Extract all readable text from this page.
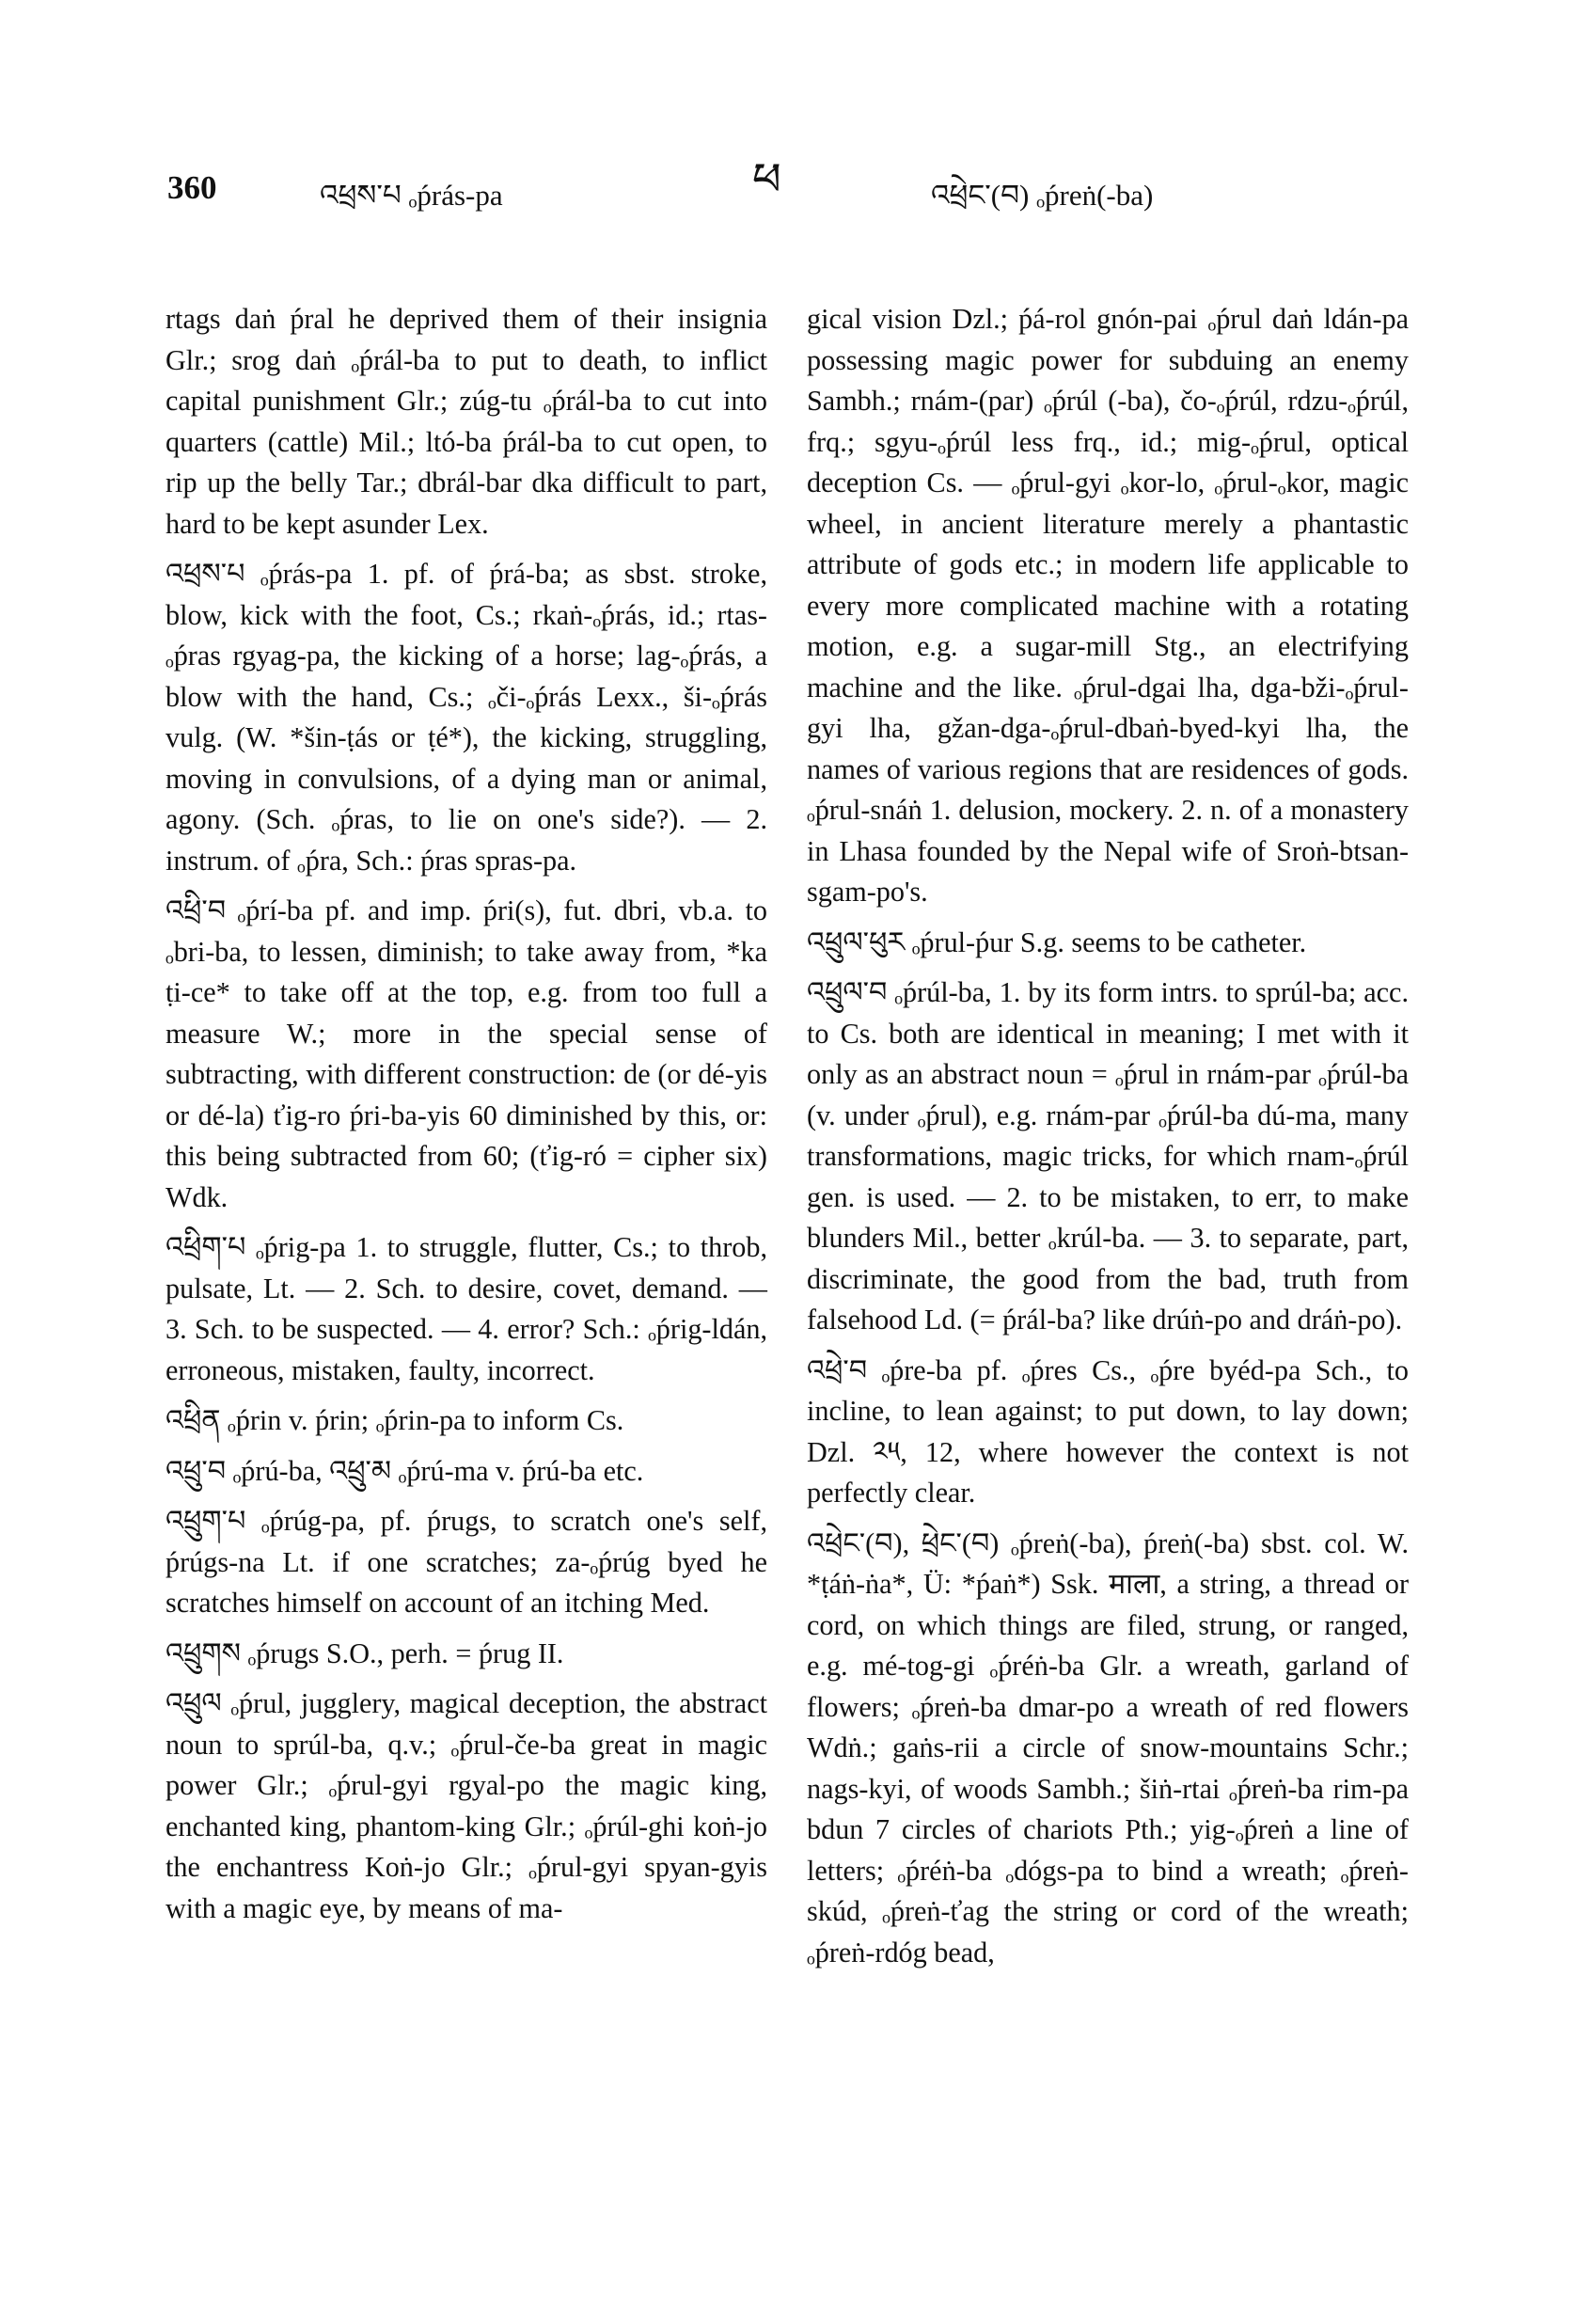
360	འཕྲས་པ ₒṕrás-pa	ཕ	འཕྲེང་(བ) ₒṕreṅ(-ba)

rtags daṅ ṕral he deprived them of their insignia Glr.; srog daṅ ₒṕrál-ba to put to death, to inflict capital punishment Glr.; zúg-tu ₒṕrál-ba to cut into quarters (cattle) Mil.; ltó-ba ṕrál-ba to cut open, to rip up the belly Tar.; dbrál-bar dka difficult to part, hard to be kept asunder Lex.

འཕྲས་པ ₒṕrás-pa 1. pf. of ṕrá-ba; as sbst. stroke, blow, kick with the foot, Cs.; rkaṅ-ₒṕrás, id.; rtas-ₒṕras rgyag-pa, the kicking of a horse; lag-ₒṕrás, a blow with the hand, Cs.; ₒči-ₒṕrás Lexx., ši-ₒṕrás vulg. (W. *šin-ṭás or ṭé*), the kicking, struggling, moving in convulsions, of a dying man or animal, agony. (Sch. ₒṕras, to lie on one's side?). — 2. instrum. of ₒṕra, Sch.: ṕras spras-pa.

འཕྲི་བ ₒṕrí-ba pf. and imp. ṕri(s), fut. dbri, vb.a. to ₒbri-ba, to lessen, diminish; to take away from, *ka ṭi-ce* to take off at the top, e.g. from too full a measure W.; more in the special sense of subtracting, with different construction: de (or dé-yis or dé-la) ťig-ro ṕri-ba-yis 60 diminished by this, or: this being subtracted from 60; (ťig-ró = cipher six) Wdk.

འཕྲིག་པ ₒṕrig-pa 1. to struggle, flutter, Cs.; to throb, pulsate, Lt. — 2. Sch. to desire, covet, demand. — 3. Sch. to be suspected. — 4. error? Sch.: ₒṕrig-ldán, erroneous, mistaken, faulty, incorrect.

འཕྲིན ₒṕrin v. ṕrin; ₒṕrin-pa to inform Cs.

འཕྲུ་བ ₒṕrú-ba, འཕྲུ་མ ₒṕrú-ma v. ṕrú-ba etc.

འཕྲུག་པ ₒṕrúg-pa, pf. ṕrugs, to scratch one's self, ṕrúgs-na Lt. if one scratches; za-ₒṕrúg byed he scratches himself on account of an itching Med.

འཕྲུགས ₒṕrugs S.O., perh. = ṕrug II.

འཕྲུལ ₒṕrul, jugglery, magical deception, the abstract noun to sprúl-ba, q.v.; ₒṕrul-če-ba great in magic power Glr.; ₒṕrul-gyi rgyal-po the magic king, enchanted king, phantom-king Glr.; ₒṕrúl-ghi koṅ-jo the enchantress Koṅ-jo Glr.; ₒṕrul-gyi spyan-gyis with a magic eye, by means of ma-

gical vision Dzl.; ṕá-rol gnón-pai ₒṕrul daṅ ldán-pa possessing magic power for subduing an enemy Sambh.; rnám-(par) ₒṕrúl (-ba), čo-ₒṕrúl, rdzu-ₒṕrúl, frq.; sgyu-ₒṕrúl less frq., id.; mig-ₒṕrul, optical deception Cs. — ₒṕrul-gyi ₒkor-lo, ₒṕrul-ₒkor, magic wheel, in ancient literature merely a phantastic attribute of gods etc.; in modern life applicable to every more complicated machine with a rotating motion, e.g. a sugar-mill Stg., an electrifying machine and the like. ₒṕrul-dgai lha, dga-bži-ₒṕrul-gyi lha, gžan-dga-ₒṕrul-dbaṅ-byed-kyi lha, the names of various regions that are residences of gods. ₒṕrul-snáṅ 1. delusion, mockery. 2. n. of a monastery in Lhasa founded by the Nepal wife of Sroṅ-btsan-sgam-po's.

འཕྲུལ་ཕུར ₒṕrul-ṕur S.g. seems to be catheter.

འཕྲུལ་བ ₒṕrúl-ba, 1. by its form intrs. to sprúl-ba; acc. to Cs. both are identical in meaning; I met with it only as an abstract noun = ₒṕrul in rnám-par ₒṕrúl-ba (v. under ₒṕrul), e.g. rnám-par ₒṕrúl-ba dú-ma, many transformations, magic tricks, for which rnam-ₒṕrúl gen. is used. — 2. to be mistaken, to err, to make blunders Mil., better ₒkrúl-ba. — 3. to separate, part, discriminate, the good from the bad, truth from falsehood Ld. (= ṕrál-ba? like drúṅ-po and dráṅ-po).

འཕྲེ་བ ₒṕre-ba pf. ₒṕres Cs., ₒṕre byéd-pa Sch., to incline, to lean against; to put down, to lay down; Dzl. ༢༥, 12, where however the context is not perfectly clear.

འཕྲེང་(བ), ཕྲེང་(བ) ₒṕreṅ(-ba), ṕreṅ(-ba) sbst. col. W. *ṭáṅ-ṅa*, Ü: *ṕaṅ*) Ssk. माला, a string, a thread or cord, on which things are filed, strung, or ranged, e.g. mé-tog-gi ₒṕréṅ-ba Glr. a wreath, garland of flowers; ₒṕreṅ-ba dmar-po a wreath of red flowers Wdṅ.; gaṅs-rii a circle of snow-mountains Schr.; nags-kyi, of woods Sambh.; šiṅ-rtai ₒṕreṅ-ba rim-pa bdun 7 circles of chariots Pth.; yig-ₒṕreṅ a line of letters; ₒṕréṅ-ba ₒdógs-pa to bind a wreath; ₒṕreṅ-skúd, ₒṕreṅ-ťag the string or cord of the wreath; ₒṕreṅ-rdóg bead,
